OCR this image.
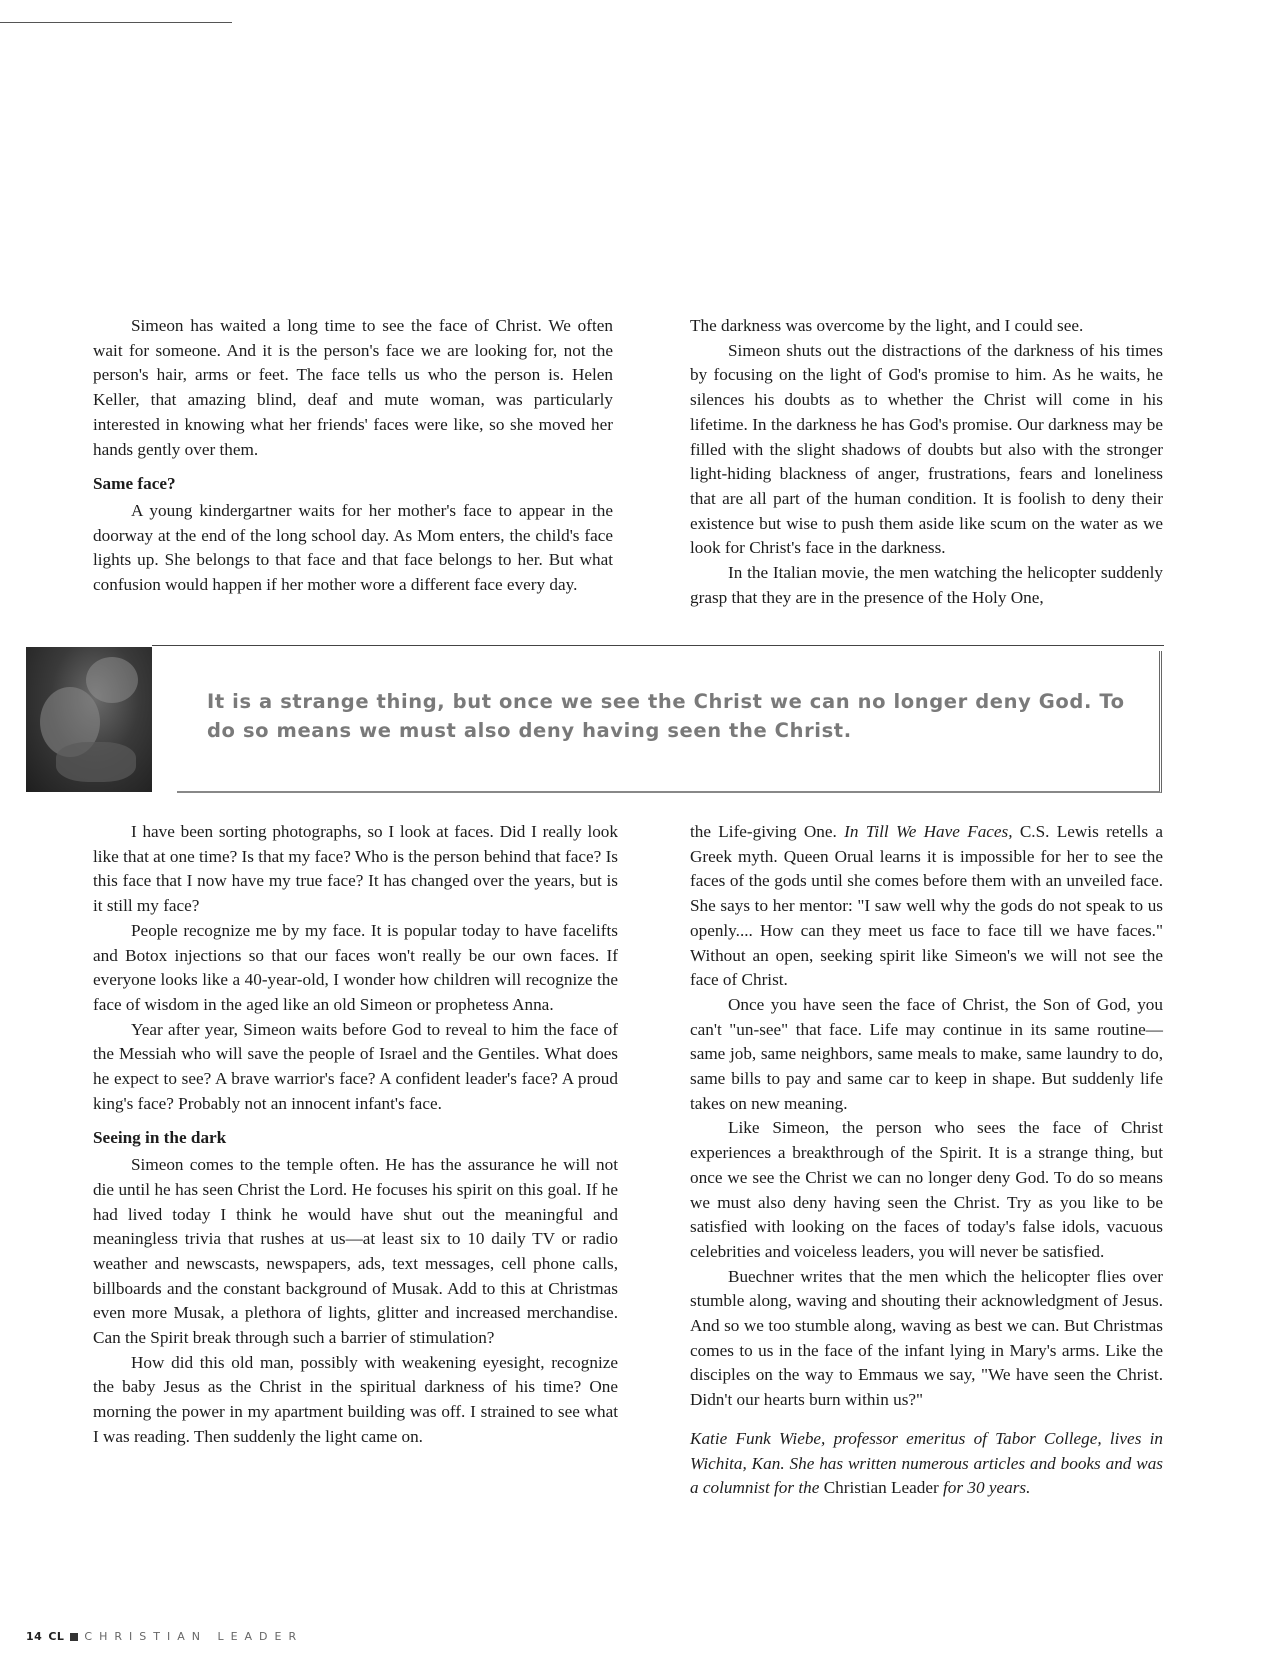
Simeon has waited a long time to see the face of Christ. We often wait for someone. And it is the person's face we are looking for, not the person's hair, arms or feet. The face tells us who the person is. Helen Keller, that amazing blind, deaf and mute woman, was particularly interested in knowing what her friends' faces were like, so she moved her hands gently over them.

Same face?

A young kindergartner waits for her mother's face to appear in the doorway at the end of the long school day. As Mom enters, the child's face lights up. She belongs to that face and that face belongs to her. But what confusion would happen if her mother wore a different face every day.

The darkness was overcome by the light, and I could see.

Simeon shuts out the distractions of the darkness of his times by focusing on the light of God's promise to him. As he waits, he silences his doubts as to whether the Christ will come in his lifetime. In the darkness he has God's promise. Our darkness may be filled with the slight shadows of doubts but also with the stronger light-hiding blackness of anger, frustrations, fears and loneliness that are all part of the human condition. It is foolish to deny their existence but wise to push them aside like scum on the water as we look for Christ's face in the darkness.

In the Italian movie, the men watching the helicopter suddenly grasp that they are in the presence of the Holy One,

It is a strange thing, but once we see the Christ we can no longer deny God. To do so means we must also deny having seen the Christ.

I have been sorting photographs, so I look at faces. Did I really look like that at one time? Is that my face? Who is the person behind that face? Is this face that I now have my true face? It has changed over the years, but is it still my face?

People recognize me by my face. It is popular today to have facelifts and Botox injections so that our faces won't really be our own faces. If everyone looks like a 40-year-old, I wonder how children will recognize the face of wisdom in the aged like an old Simeon or prophetess Anna.

Year after year, Simeon waits before God to reveal to him the face of the Messiah who will save the people of Israel and the Gentiles. What does he expect to see? A brave warrior's face? A confident leader's face? A proud king's face? Probably not an innocent infant's face.

Seeing in the dark

Simeon comes to the temple often. He has the assurance he will not die until he has seen Christ the Lord. He focuses his spirit on this goal. If he had lived today I think he would have shut out the meaningful and meaningless trivia that rushes at us—at least six to 10 daily TV or radio weather and newscasts, newspapers, ads, text messages, cell phone calls, billboards and the constant background of Musak. Add to this at Christmas even more Musak, a plethora of lights, glitter and increased merchandise. Can the Spirit break through such a barrier of stimulation?

How did this old man, possibly with weakening eyesight, recognize the baby Jesus as the Christ in the spiritual darkness of his time? One morning the power in my apartment building was off. I strained to see what I was reading. Then suddenly the light came on.

the Life-giving One. In Till We Have Faces, C.S. Lewis retells a Greek myth. Queen Orual learns it is impossible for her to see the faces of the gods until she comes before them with an unveiled face. She says to her mentor: "I saw well why the gods do not speak to us openly.... How can they meet us face to face till we have faces." Without an open, seeking spirit like Simeon's we will not see the face of Christ.

Once you have seen the face of Christ, the Son of God, you can't "un-see" that face. Life may continue in its same routine—same job, same neighbors, same meals to make, same laundry to do, same bills to pay and same car to keep in shape. But suddenly life takes on new meaning.

Like Simeon, the person who sees the face of Christ experiences a breakthrough of the Spirit. It is a strange thing, but once we see the Christ we can no longer deny God. To do so means we must also deny having seen the Christ. Try as you like to be satisfied with looking on the faces of today's false idols, vacuous celebrities and voiceless leaders, you will never be satisfied.

Buechner writes that the men which the helicopter flies over stumble along, waving and shouting their acknowledgment of Jesus. And so we too stumble along, waving as best we can. But Christmas comes to us in the face of the infant lying in Mary's arms. Like the disciples on the way to Emmaus we say, "We have seen the Christ. Didn't our hearts burn within us?"

Katie Funk Wiebe, professor emeritus of Tabor College, lives in Wichita, Kan. She has written numerous articles and books and was a columnist for the Christian Leader for 30 years.

14 CL CHRISTIAN LEADER
